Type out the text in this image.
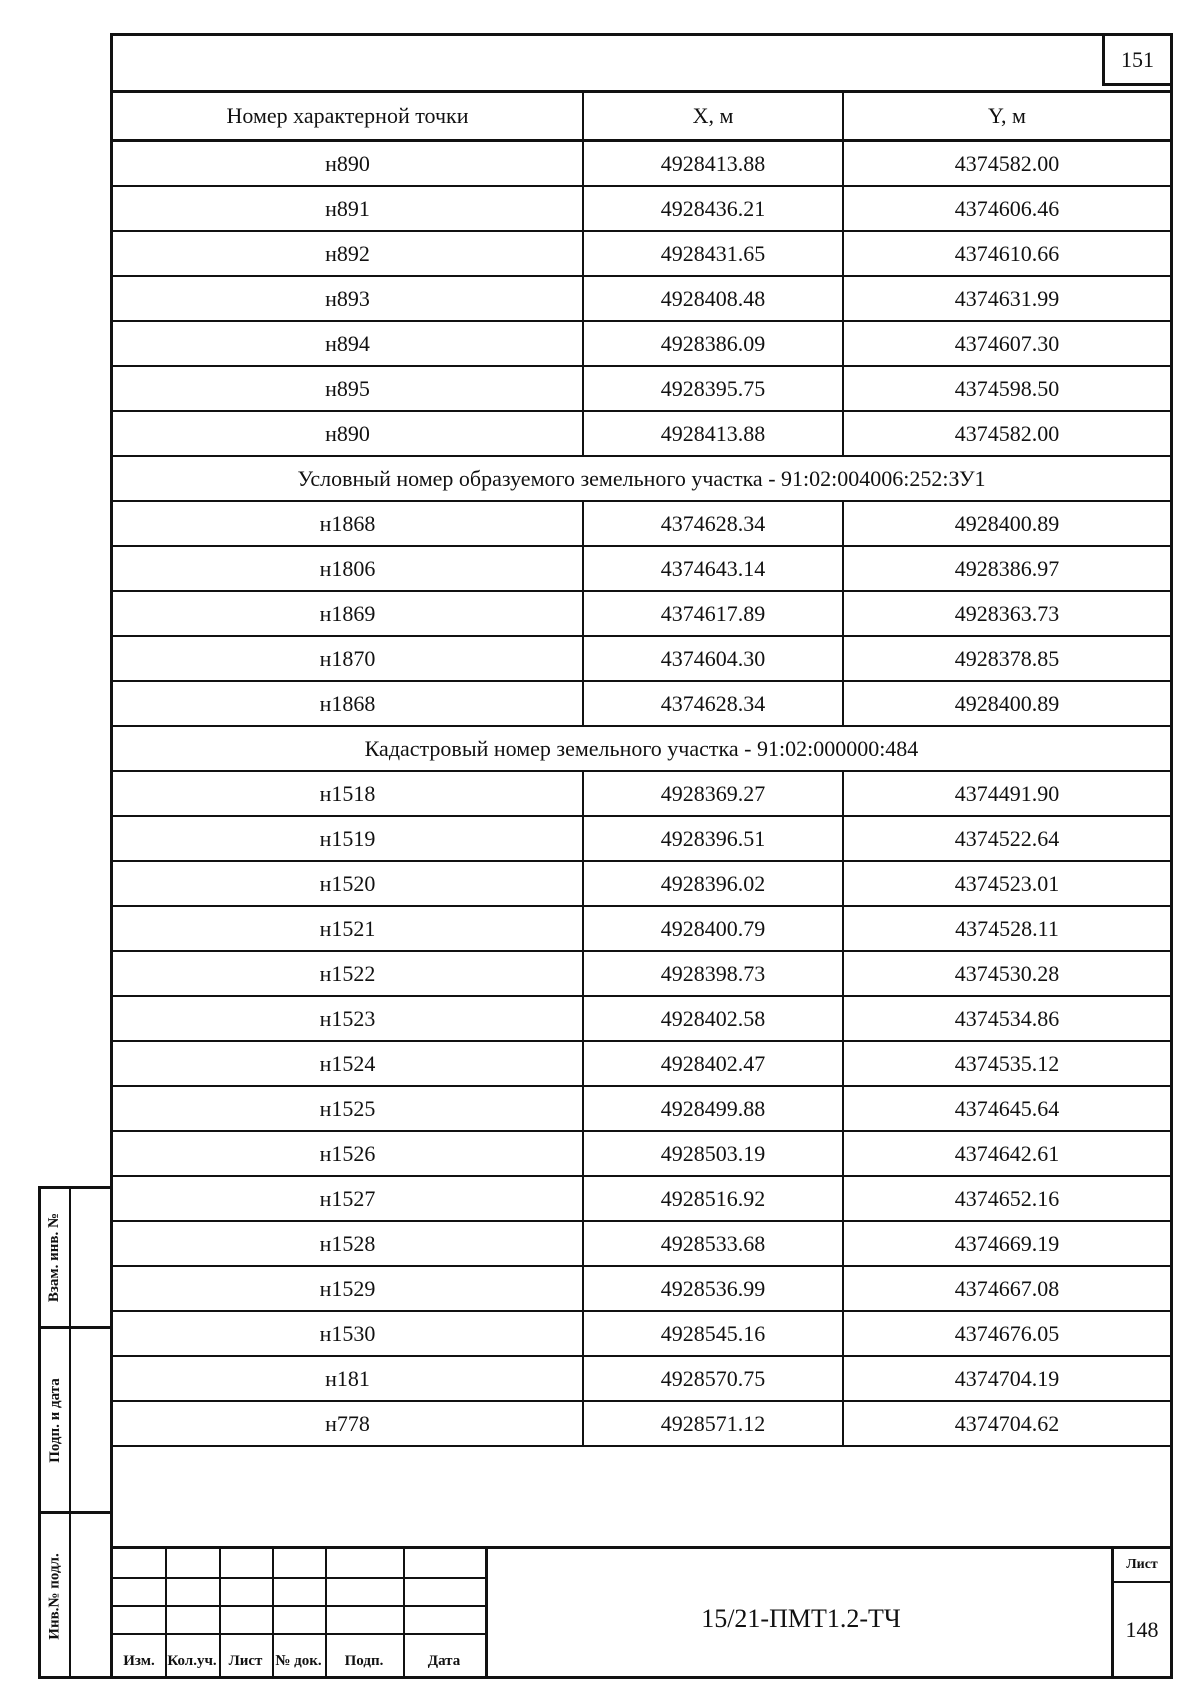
151
Номер характерной точки	X, м	Y, м
н890	4928413.88	4374582.00
н891	4928436.21	4374606.46
н892	4928431.65	4374610.66
н893	4928408.48	4374631.99
н894	4928386.09	4374607.30
н895	4928395.75	4374598.50
н890	4928413.88	4374582.00
Условный номер образуемого земельного участка - 91:02:004006:252:ЗУ1		
н1868	4374628.34	4928400.89
н1806	4374643.14	4928386.97
н1869	4374617.89	4928363.73
н1870	4374604.30	4928378.85
н1868	4374628.34	4928400.89
Кадастровый номер земельного участка - 91:02:000000:484		
н1518	4928369.27	4374491.90
н1519	4928396.51	4374522.64
н1520	4928396.02	4374523.01
н1521	4928400.79	4374528.11
н1522	4928398.73	4374530.28
н1523	4928402.58	4374534.86
н1524	4928402.47	4374535.12
н1525	4928499.88	4374645.64
н1526	4928503.19	4374642.61
н1527	4928516.92	4374652.16
н1528	4928533.68	4374669.19
н1529	4928536.99	4374667.08
н1530	4928545.16	4374676.05
н181	4928570.75	4374704.19
н778	4928571.12	4374704.62
Изм. Кол.уч. Лист № док.	Подп.	Дата
15/21-ПМТ1.2-ТЧ
Лист
148
Взам. инв. №
Подп. и дата
Инв.№ подл.
